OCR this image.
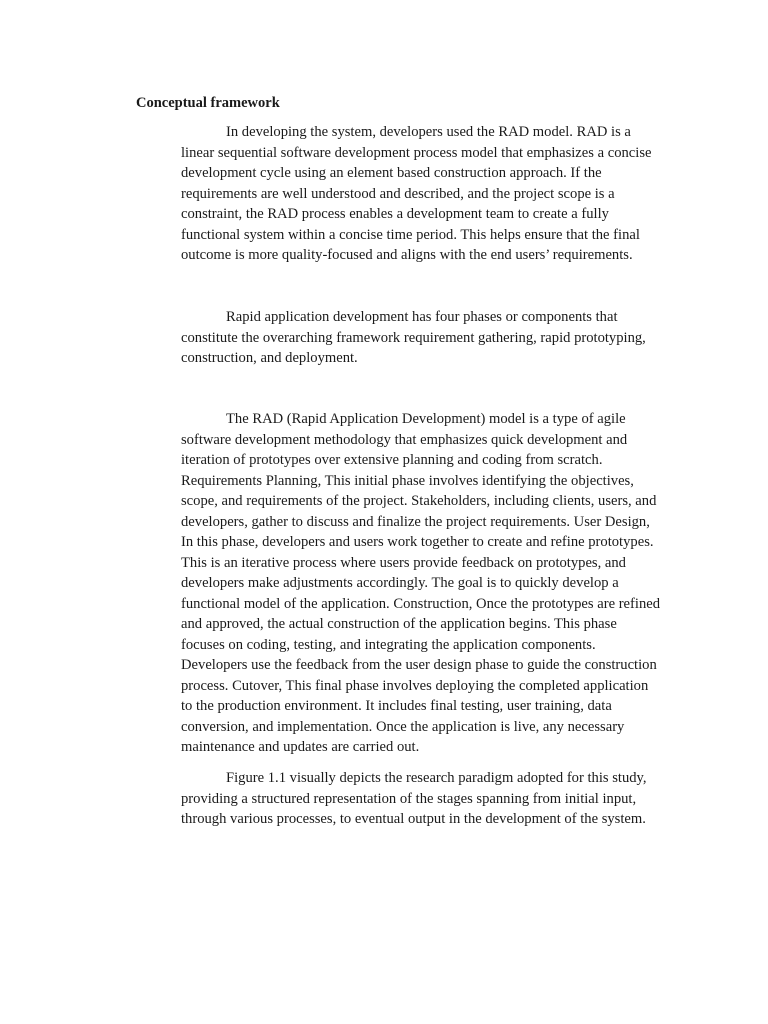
Conceptual framework
In developing the system, developers used the RAD model. RAD is a
linear sequential software development process model that emphasizes a concise
development cycle using an element based construction approach. If the
requirements are well understood and described, and the project scope is a
constraint, the RAD process enables a development team to create a fully
functional system within a concise time period. This helps ensure that the final
outcome is more quality-focused and aligns with the end users’ requirements.
Rapid application development has four phases or components that
constitute the overarching framework requirement gathering, rapid prototyping,
construction, and deployment.
The RAD (Rapid Application Development) model is a type of agile
software development methodology that emphasizes quick development and
iteration of prototypes over extensive planning and coding from scratch.
Requirements Planning, This initial phase involves identifying the objectives,
scope, and requirements of the project. Stakeholders, including clients, users, and
developers, gather to discuss and finalize the project requirements. User Design,
In this phase, developers and users work together to create and refine prototypes.
This is an iterative process where users provide feedback on prototypes, and
developers make adjustments accordingly. The goal is to quickly develop a
functional model of the application. Construction, Once the prototypes are refined
and approved, the actual construction of the application begins. This phase
focuses on coding, testing, and integrating the application components.
Developers use the feedback from the user design phase to guide the construction
process. Cutover, This final phase involves deploying the completed application
to the production environment. It includes final testing, user training, data
conversion, and implementation. Once the application is live, any necessary
maintenance and updates are carried out.
Figure 1.1 visually depicts the research paradigm adopted for this study,
providing a structured representation of the stages spanning from initial input,
through various processes, to eventual output in the development of the system.
